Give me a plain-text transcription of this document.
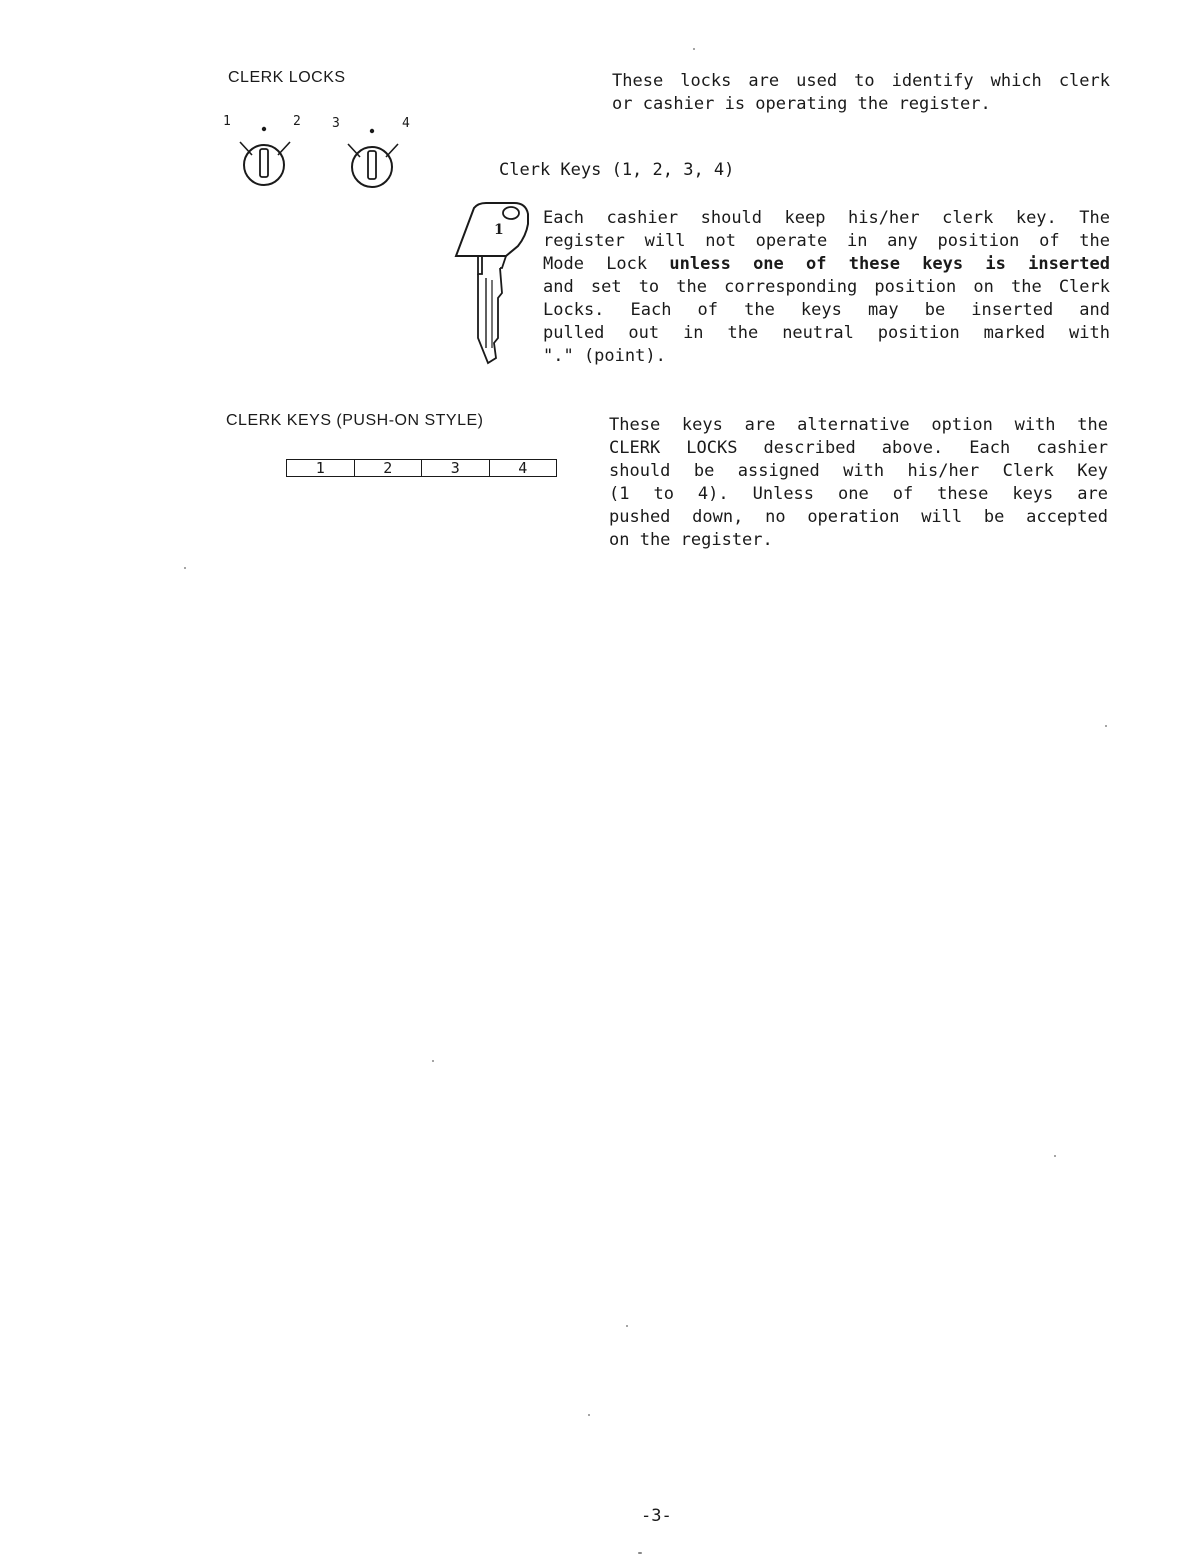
CLERK LOCKS
1	2 3	4
These locks are used to identify which clerk
or cashier is operating the register.
Clerk Keys (1, 2, 3, 4)
1
Each cashier should keep his/her clerk key. The
register will not operate in any position of the
Mode Lock unless one of these keys is inserted
and set to the corresponding position on the Clerk
Locks. Each of the keys may be inserted and
pulled out in the neutral position marked with
"." (point).
CLERK KEYS (PUSH-ON STYLE)
1	2	3	4
These keys are alternative option with the
CLERK LOCKS described above. Each cashier
should be assigned with his/her Clerk Key
(1 to 4). Unless one of these keys are
pushed down, no operation will be accepted
on the register.
-3-
